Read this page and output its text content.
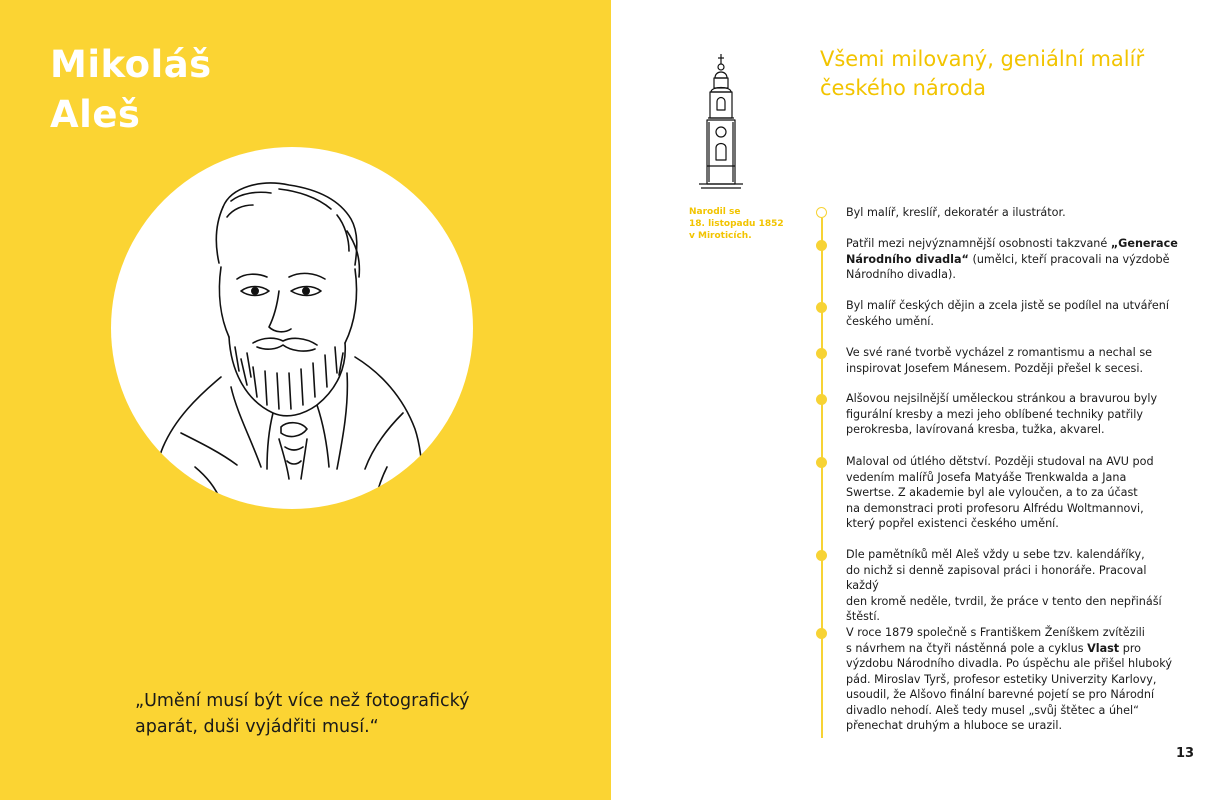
Mikoláš
Aleš

„Umění musí být více než fotografický
aparát, duši vyjádřiti musí.“

Všemi milovaný, geniální malíř
českého národa

Narodil se
18. listopadu 1852
v Miroticích.

Byl malíř, kreslíř, dekoratér a ilustrátor.

Patřil mezi nejvýznamnější osobnosti takzvané „Generace
Národního divadla“ (umělci, kteří pracovali na výzdobě
Národního divadla).

Byl malíř českých dějin a zcela jistě se podílel na utváření
českého umění.

Ve své rané tvorbě vycházel z romantismu a nechal se
inspirovat Josefem Mánesem. Později přešel k secesi.

Alšovou nejsilnější uměleckou stránkou a bravurou byly
figurální kresby a mezi jeho oblíbené techniky patřily
perokresba, lavírovaná kresba, tužka, akvarel.

Maloval od útlého dětství. Později studoval na AVU pod
vedením malířů Josefa Matyáše Trenkwalda a Jana
Swertse. Z akademie byl ale vyloučen, a to za účast
na demonstraci proti profesoru Alfrédu Woltmannovi,
který popřel existenci českého umění.

Dle pamětníků měl Aleš vždy u sebe tzv. kalendáříky,
do nichž si denně zapisoval práci i honoráře. Pracoval každý
den kromě neděle, tvrdil, že práce v tento den nepřináší
štěstí.

V roce 1879 společně s Františkem Ženíškem zvítězili
s návrhem na čtyři nástěnná pole a cyklus Vlast pro
výzdobu Národního divadla. Po úspěchu ale přišel hluboký
pád. Miroslav Tyrš, profesor estetiky Univerzity Karlovy,
usoudil, že Alšovo finální barevné pojetí se pro Národní
divadlo nehodí. Aleš tedy musel „svůj štětec a úhel“
přenechat druhým a hluboce se urazil.

13
